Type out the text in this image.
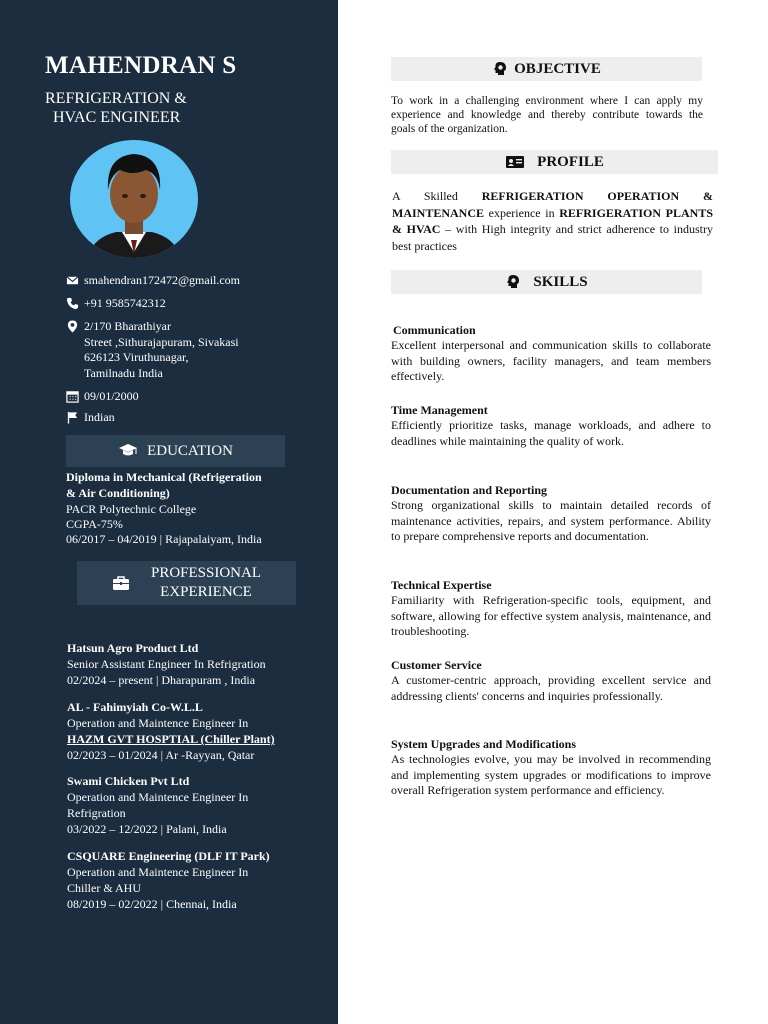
MAHENDRAN S
REFRIGERATION &
HVAC ENGINEER
smahendran172472@gmail.com
+91 9585742312
2/170 Bharathiyar
Street ,Sithurajapuram, Sivakasi
626123 Viruthunagar,
Tamilnadu India
09/01/2000
Indian
EDUCATION
Diploma in Mechanical (Refrigeration
& Air Conditioning)
PACR Polytechnic College
CGPA-75%
06/2017 – 04/2019 | Rajapalaiyam, India
PROFESSIONAL
EXPERIENCE
Hatsun Agro Product Ltd
Senior Assistant Engineer In Refrigration
02/2024 – present | Dharapuram , India
AL - Fahimyiah Co-W.L.L
Operation and Maintence Engineer In
HAZM GVT HOSPTIAL (Chiller Plant)
02/2023 – 01/2024 | Ar -Rayyan, Qatar
Swami Chicken Pvt Ltd
Operation and Maintence Engineer In
Refrigration
03/2022 – 12/2022 | Palani, India
CSQUARE Engineering (DLF IT Park)
Operation and Maintence Engineer In
Chiller & AHU
08/2019 – 02/2022 | Chennai, India
OBJECTIVE
To work in a challenging environment where I can apply my experience and knowledge and thereby contribute towards the goals of the organization.
PROFILE
A Skilled REFRIGERATION OPERATION & MAINTENANCE experience in REFRIGERATION PLANTS & HVAC – with High integrity and strict adherence to industry best practices
SKILLS
Communication
Excellent interpersonal and communication skills to collaborate with building owners, facility managers, and team members effectively.
Time Management
Efficiently prioritize tasks, manage workloads, and adhere to deadlines while maintaining the quality of work.
Documentation and Reporting
Strong organizational skills to maintain detailed records of maintenance activities, repairs, and system performance. Ability to prepare comprehensive reports and documentation.
Technical Expertise
Familiarity with Refrigeration-specific tools, equipment, and software, allowing for effective system analysis, maintenance, and troubleshooting.
Customer Service
A customer-centric approach, providing excellent service and addressing clients' concerns and inquiries professionally.
System Upgrades and Modifications
As technologies evolve, you may be involved in recommending and implementing system upgrades or modifications to improve overall Refrigeration system performance and efficiency.
